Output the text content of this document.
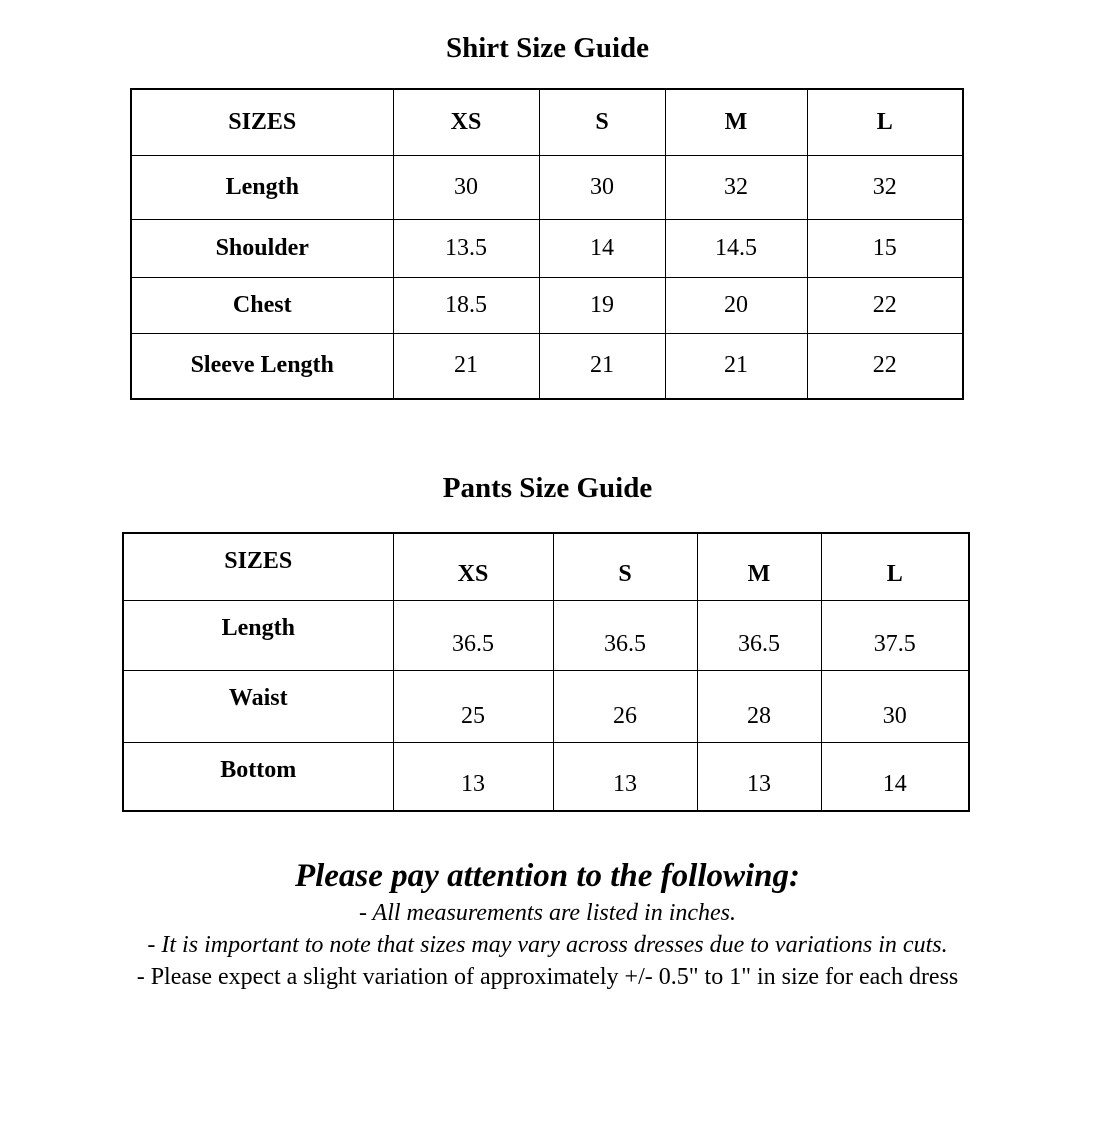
Shirt Size Guide
SIZES	XS	S	M	L
Length	30	30	32	32
Shoulder	13.5	14	14.5	15
Chest	18.5	19	20	22
Sleeve Length	21	21	21	22
Pants Size Guide
SIZES	XS	S	M	L
Length	36.5	36.5	36.5	37.5
Waist	25	26	28	30
Bottom	13	13	13	14
Please pay attention to the following:
- All measurements are listed in inches.
- It is important to note that sizes may vary across dresses due to variations in cuts.
- Please expect a slight variation of approximately +/- 0.5" to 1" in size for each dress
